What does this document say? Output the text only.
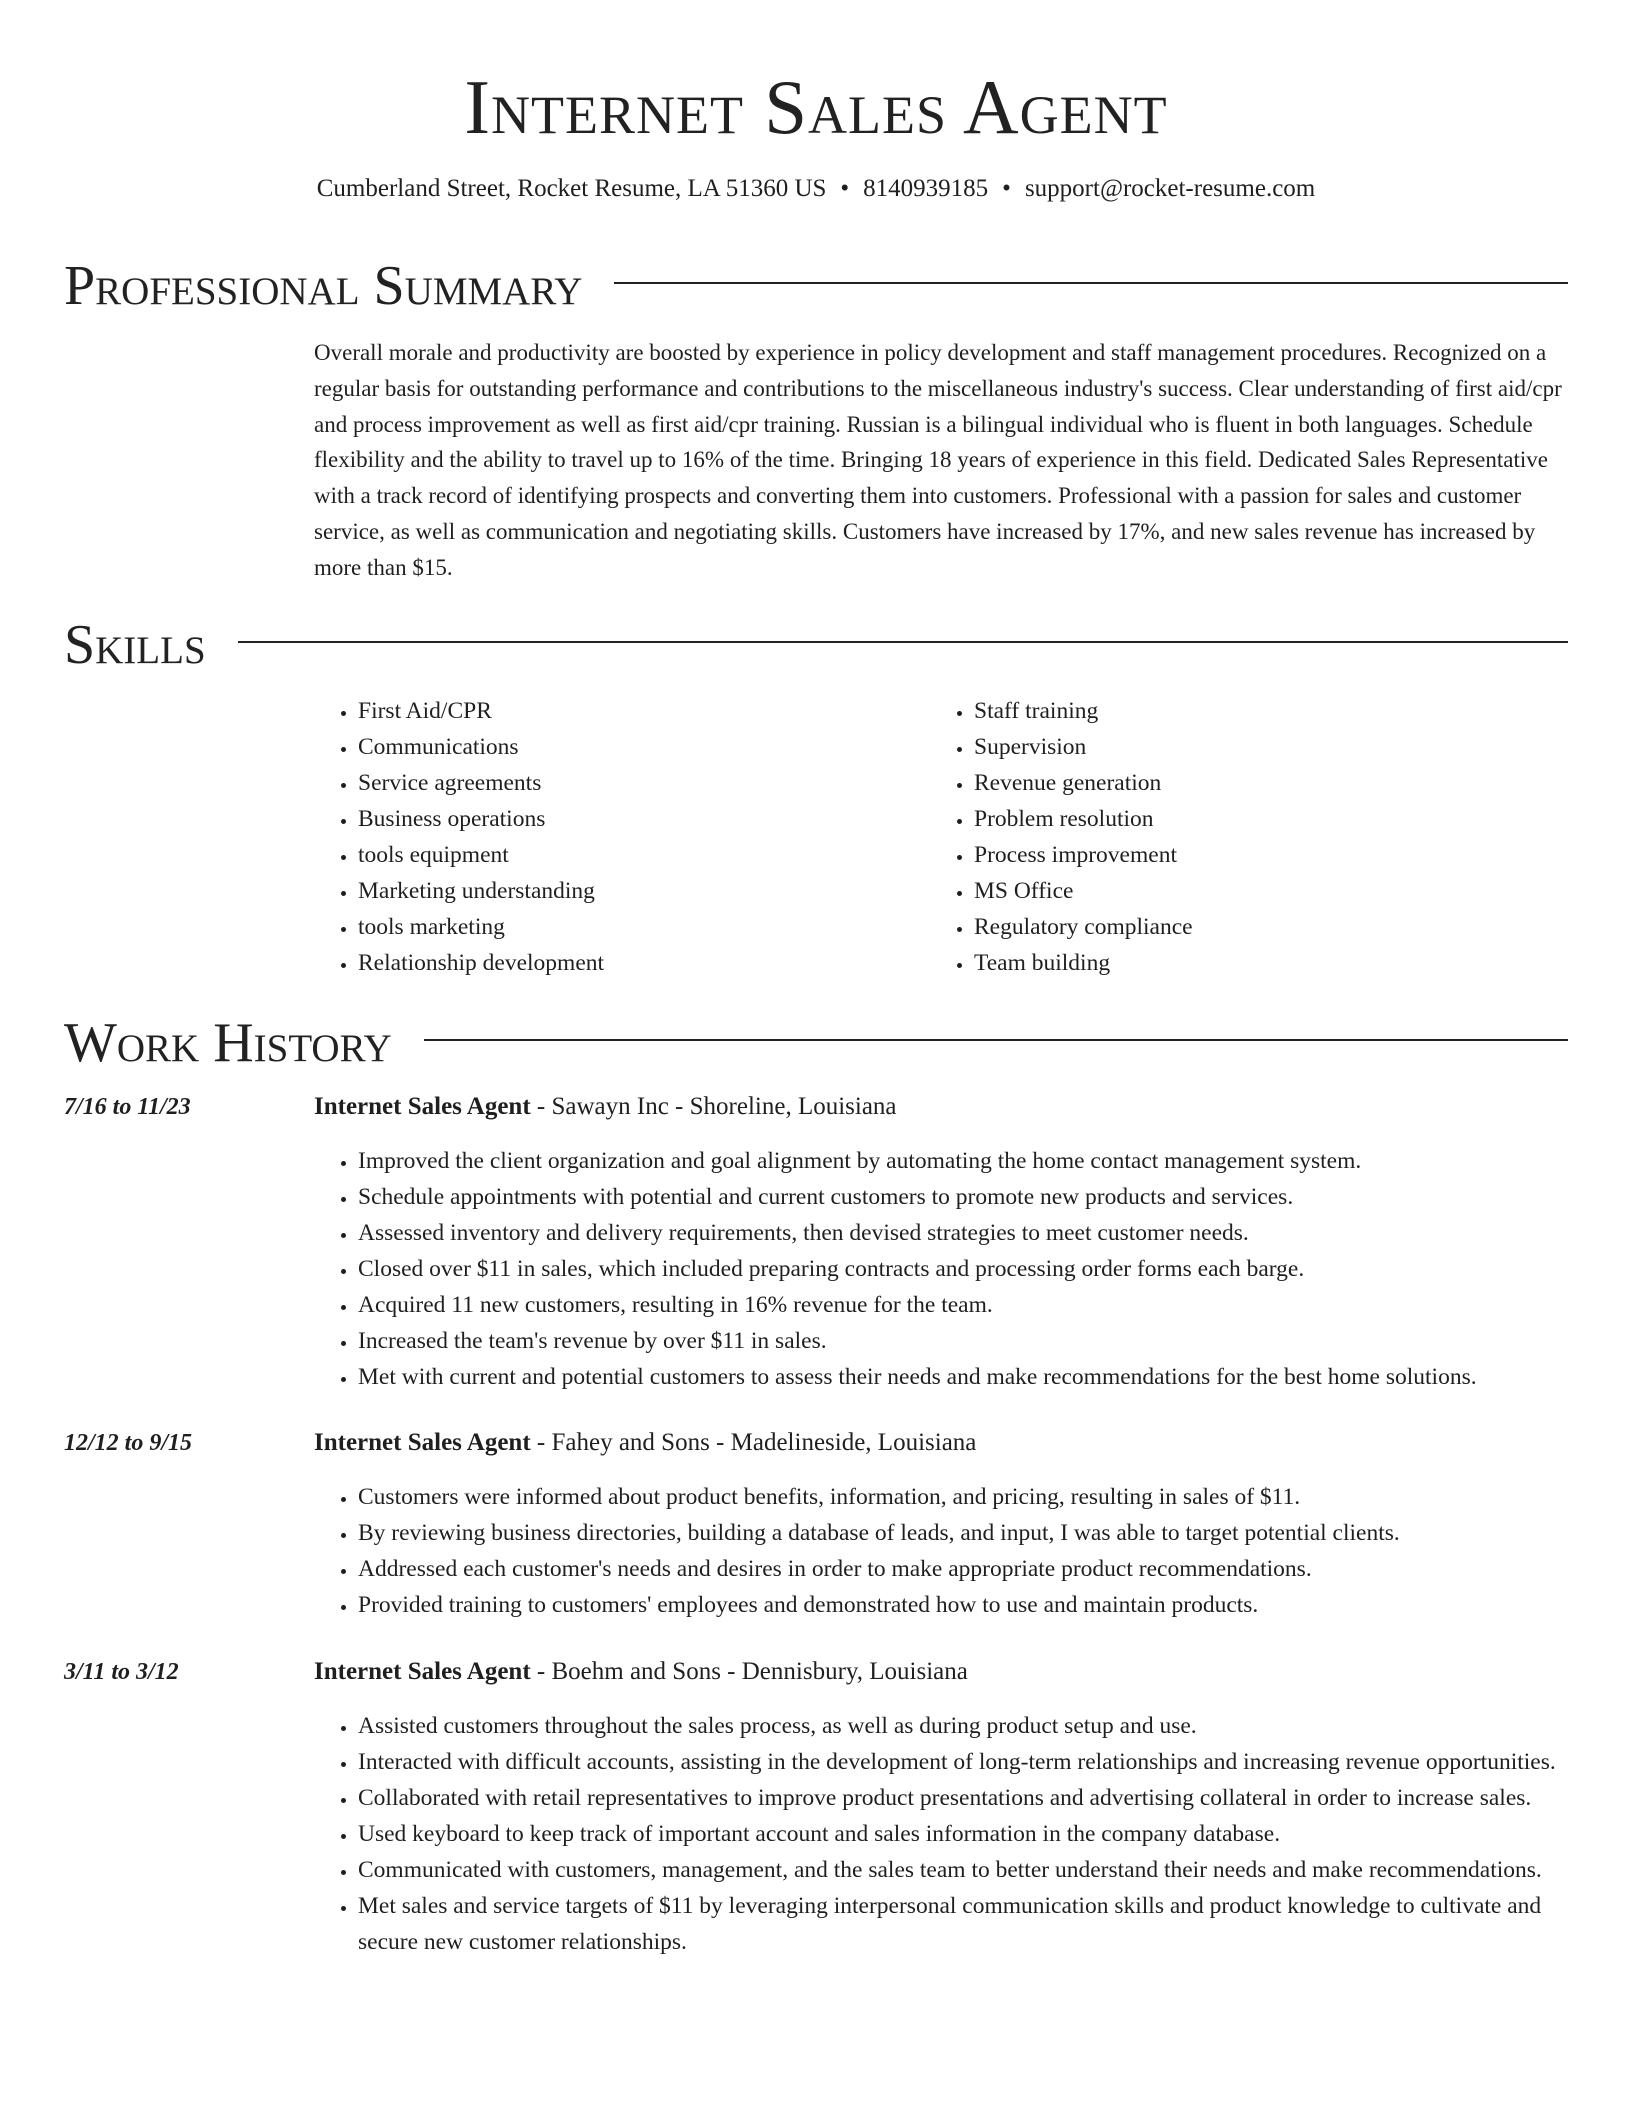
Internet Sales Agent
Cumberland Street, Rocket Resume, LA 51360 US • 8140939185 • support@rocket-resume.com
Professional Summary

Overall morale and productivity are boosted by experience in policy development and staff management procedures. Recognized on a regular basis for outstanding performance and contributions to the miscellaneous industry's success. Clear understanding of first aid/cpr and process improvement as well as first aid/cpr training. Russian is a bilingual individual who is fluent in both languages. Schedule flexibility and the ability to travel up to 16% of the time. Bringing 18 years of experience in this field. Dedicated Sales Representative with a track record of identifying prospects and converting them into customers. Professional with a passion for sales and customer service, as well as communication and negotiating skills. Customers have increased by 17%, and new sales revenue has increased by more than $15.

Skills
• First Aid/CPR
• Communications
• Service agreements
• Business operations
• tools equipment
• Marketing understanding
• tools marketing
• Relationship development
• Staff training
• Supervision
• Revenue generation
• Problem resolution
• Process improvement
• MS Office
• Regulatory compliance
• Team building
Work History
7/16 to 11/23	Internet Sales Agent - Sawayn Inc - Shoreline, Louisiana
• Improved the client organization and goal alignment by automating the home contact management system.
• Schedule appointments with potential and current customers to promote new products and services.
• Assessed inventory and delivery requirements, then devised strategies to meet customer needs.
• Closed over $11 in sales, which included preparing contracts and processing order forms each barge.
• Acquired 11 new customers, resulting in 16% revenue for the team.
• Increased the team's revenue by over $11 in sales.
• Met with current and potential customers to assess their needs and make recommendations for the best home solutions.
12/12 to 9/15	Internet Sales Agent - Fahey and Sons - Madelineside, Louisiana
• Customers were informed about product benefits, information, and pricing, resulting in sales of $11.
• By reviewing business directories, building a database of leads, and input, I was able to target potential clients.
• Addressed each customer's needs and desires in order to make appropriate product recommendations.
• Provided training to customers' employees and demonstrated how to use and maintain products.
3/11 to 3/12	Internet Sales Agent - Boehm and Sons - Dennisbury, Louisiana
• Assisted customers throughout the sales process, as well as during product setup and use.
• Interacted with difficult accounts, assisting in the development of long-term relationships and increasing revenue opportunities.
• Collaborated with retail representatives to improve product presentations and advertising collateral in order to increase sales.
• Used keyboard to keep track of important account and sales information in the company database.
• Communicated with customers, management, and the sales team to better understand their needs and make recommendations.
• Met sales and service targets of $11 by leveraging interpersonal communication skills and product knowledge to cultivate and secure new customer relationships.
